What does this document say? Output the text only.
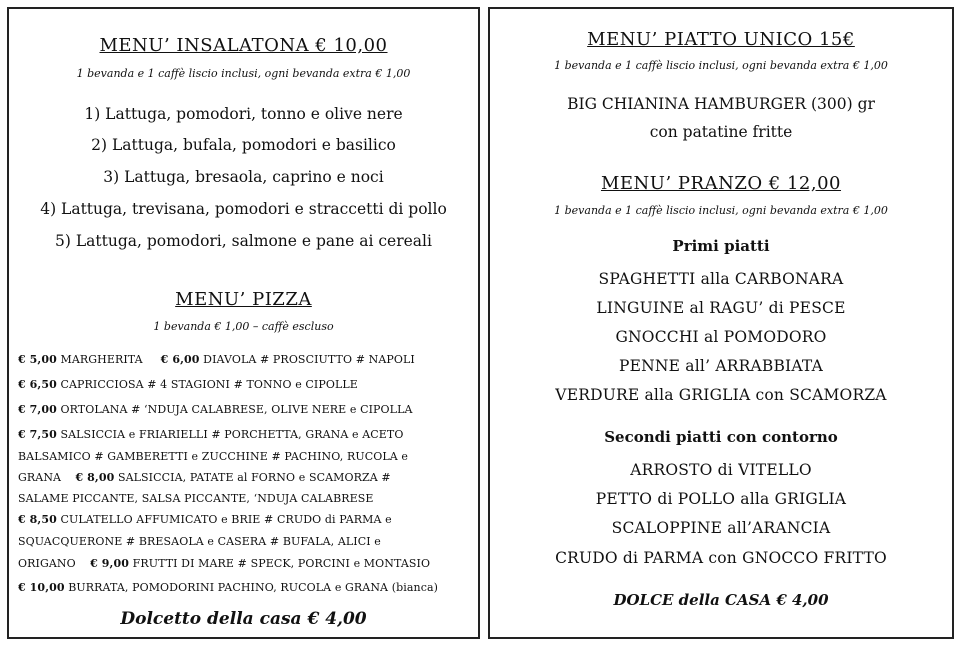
MENU’ INSALATONA € 10,00
1 bevanda e 1 caffè liscio inclusi, ogni bevanda extra € 1,00
1) Lattuga, pomodori, tonno e olive nere
2) Lattuga, bufala, pomodori e basilico
3) Lattuga, bresaola, caprino e noci
4) Lattuga, trevisana, pomodori e straccetti di pollo
5) Lattuga, pomodori, salmone e pane ai cereali
MENU’ PIZZA
1 bevanda € 1,00 – caffè escluso
€ 5,00 MARGHERITA     € 6,00 DIAVOLA # PROSCIUTTO # NAPOLI
€ 6,50 CAPRICCIOSA # 4 STAGIONI # TONNO e CIPOLLE
€ 7,00 ORTOLANA # ‘NDUJA CALABRESE, OLIVE NERE e CIPOLLA
€ 7,50 SALSICCIA e FRIARIELLI # PORCHETTA, GRANA e ACETO
BALSAMICO # GAMBERETTI e ZUCCHINE # PACHINO, RUCOLA e
GRANA    € 8,00 SALSICCIA, PATATE al FORNO e SCAMORZA #
SALAME PICCANTE, SALSA PICCANTE, ‘NDUJA CALABRESE
€ 8,50 CULATELLO AFFUMICATO e BRIE # CRUDO di PARMA e
SQUACQUERONE # BRESAOLA e CASERA # BUFALA, ALICI e
ORIGANO    € 9,00 FRUTTI DI MARE # SPECK, PORCINI e MONTASIO
€ 10,00 BURRATA, POMODORINI PACHINO, RUCOLA e GRANA (bianca)
Dolcetto della casa € 4,00
MENU’ PIATTO UNICO 15€
1 bevanda e 1 caffè liscio inclusi, ogni bevanda extra € 1,00
BIG CHIANINA HAMBURGER (300) gr
con patatine fritte
MENU’ PRANZO € 12,00
1 bevanda e 1 caffè liscio inclusi, ogni bevanda extra € 1,00
Primi piatti
SPAGHETTI alla CARBONARA
LINGUINE al RAGU’ di PESCE
GNOCCHI al POMODORO
PENNE all’ ARRABBIATA
VERDURE alla GRIGLIA con SCAMORZA
Secondi piatti con contorno
ARROSTO di VITELLO
PETTO di POLLO alla GRIGLIA
SCALOPPINE all’ARANCIA
CRUDO di PARMA con GNOCCO FRITTO
DOLCE della CASA € 4,00
